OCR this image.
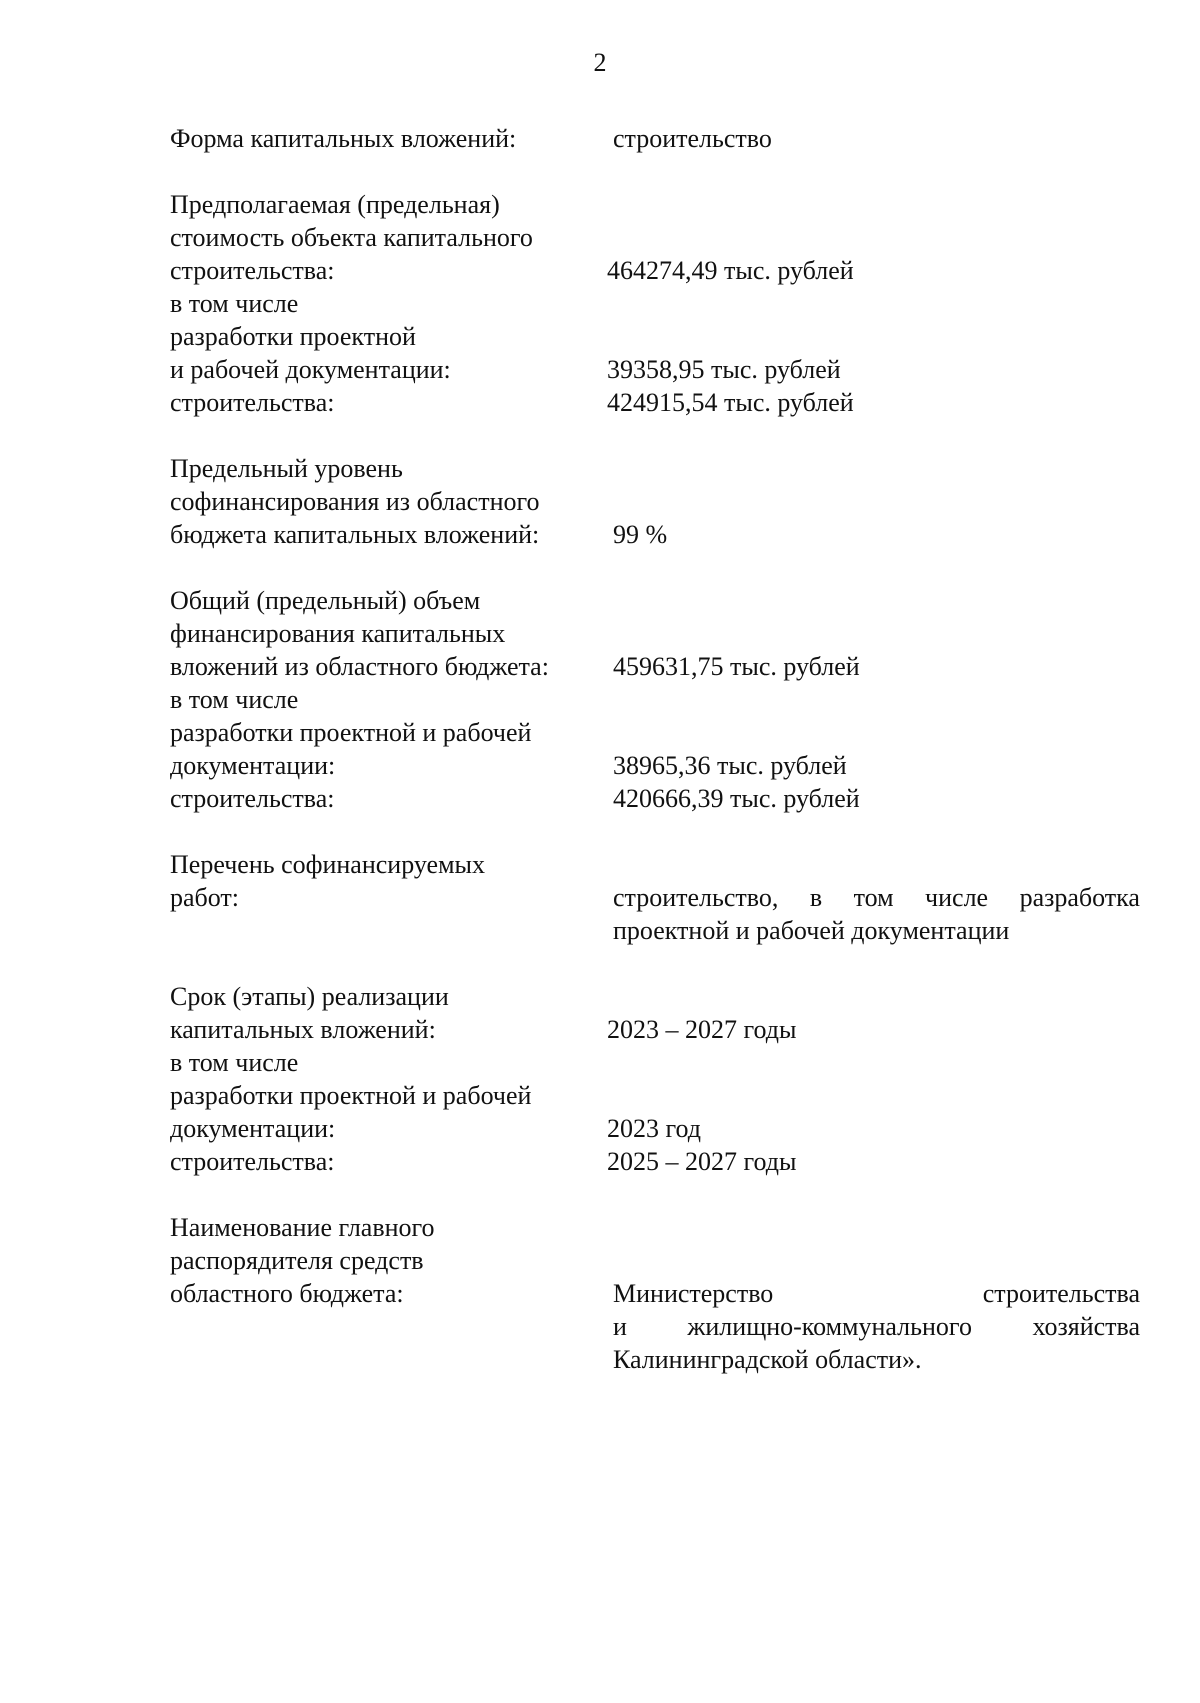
2
Форма капитальных вложений:	строительство
Предполагаемая (предельная)
стоимость объекта капитального
строительства:	464274,49 тыс. рублей
в том числе
разработки проектной
и рабочей документации:	39358,95 тыс. рублей
строительства:	424915,54 тыс. рублей
Предельный уровень
софинансирования из областного
бюджета капитальных вложений:	99 %
Общий (предельный) объем
финансирования капитальных
вложений из областного бюджета: 459631,75 тыс. рублей
в том числе
разработки проектной и рабочей
документации:	38965,36 тыс. рублей
строительства:	420666,39 тыс. рублей
Перечень софинансируемых
работ:	строительство, в том числе разработка
проектной и рабочей документации
Срок (этапы) реализации
капитальных вложений:	2023 – 2027 годы
в том числе
разработки проектной и рабочей
документации:	2023 год
строительства:	2025 – 2027 годы
Наименование главного
распорядителя средств
областного бюджета:	Министерство	строительства
и жилищно-коммунального хозяйства
Калининградской области».
